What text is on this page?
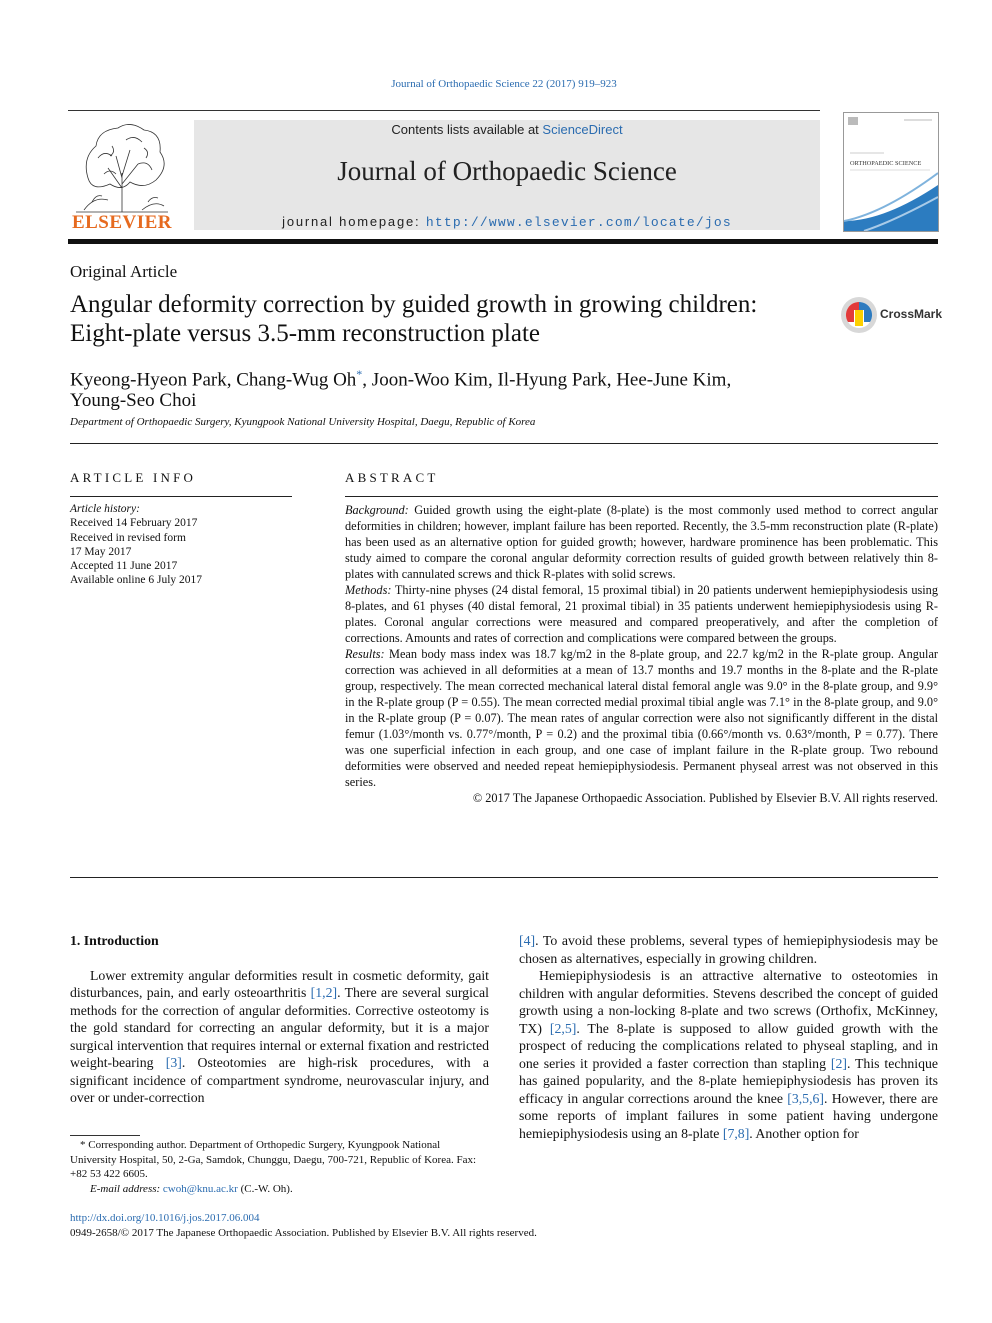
Journal of Orthopaedic Science 22 (2017) 919–923
ELSEVIER
Contents lists available at ScienceDirect
Journal of Orthopaedic Science
journal homepage: http://www.elsevier.com/locate/jos
ORTHOPAEDIC SCIENCE
Original Article
Angular deformity correction by guided growth in growing children:
Eight-plate versus 3.5-mm reconstruction plate
CrossMark
Kyeong-Hyeon Park, Chang-Wug Oh*, Joon-Woo Kim, Il-Hyung Park, Hee-June Kim,
Young-Seo Choi
Department of Orthopaedic Surgery, Kyungpook National University Hospital, Daegu, Republic of Korea
ARTICLE INFO
Article history:
Received 14 February 2017
Received in revised form
17 May 2017
Accepted 11 June 2017
Available online 6 July 2017
ABSTRACT

Background: Guided growth using the eight-plate (8-plate) is the most commonly used method to correct angular deformities in children; however, implant failure has been reported. Recently, the 3.5-mm reconstruction plate (R-plate) has been used as an alternative option for guided growth; however, hardware prominence has been problematic. This study aimed to compare the coronal angular deformity correction results of guided growth between relatively thin 8-plates with cannulated screws and thick R-plates with solid screws.

Methods: Thirty-nine physes (24 distal femoral, 15 proximal tibial) in 20 patients underwent hemiepiphysiodesis using 8-plates, and 61 physes (40 distal femoral, 21 proximal tibial) in 35 patients underwent hemiepiphysiodesis using R-plates. Coronal angular corrections were measured and compared preoperatively, and after the completion of corrections. Amounts and rates of correction and complications were compared between the groups.

Results: Mean body mass index was 18.7 kg/m2 in the 8-plate group, and 22.7 kg/m2 in the R-plate group. Angular correction was achieved in all deformities at a mean of 13.7 months and 19.7 months in the 8-plate and the R-plate group, respectively. The mean corrected mechanical lateral distal femoral angle was 9.0° in the 8-plate group, and 9.9° in the R-plate group (P = 0.55). The mean corrected medial proximal tibial angle was 7.1° in the 8-plate group, and 9.0° in the R-plate group (P = 0.07). The mean rates of angular correction were also not significantly different in the distal femur (1.03°/month vs. 0.77°/month, P = 0.2) and the proximal tibia (0.66°/month vs. 0.63°/month, P = 0.77). There was one superficial infection in each group, and one case of implant failure in the R-plate group. Two rebound deformities were observed and needed repeat hemiepiphysiodesis. Permanent physeal arrest was not observed in this series.

© 2017 The Japanese Orthopaedic Association. Published by Elsevier B.V. All rights reserved.

1. Introduction

Lower extremity angular deformities result in cosmetic deformity, gait disturbances, pain, and early osteoarthritis [1,2]. There are several surgical methods for the correction of angular deformities. Corrective osteotomy is the gold standard for correcting an angular deformity, but it is a major surgical intervention that requires internal or external fixation and restricted weight-bearing [3]. Osteotomies are high-risk procedures, with a significant incidence of compartment syndrome, neurovascular injury, and over or under-correction

[4]. To avoid these problems, several types of hemiepiphysiodesis may be chosen as alternatives, especially in growing children.

Hemiepiphysiodesis is an attractive alternative to osteotomies in children with angular deformities. Stevens described the concept of guided growth using a non-locking 8-plate and two screws (Orthofix, McKinney, TX) [2,5]. The 8-plate is supposed to allow guided growth with the prospect of reducing the complications related to physeal stapling, and in one series it provided a faster correction than stapling [2]. This technique has gained popularity, and the 8-plate hemiepiphysiodesis has proven its efficacy in angular corrections around the knee [3,5,6]. However, there are some reports of implant failures in some patient having undergone hemiepiphysiodesis using an 8-plate [7,8]. Another option for

* Corresponding author. Department of Orthopedic Surgery, Kyungpook National University Hospital, 50, 2-Ga, Samdok, Chunggu, Daegu, 700-721, Republic of Korea. Fax: +82 53 422 6605.
E-mail address: cwoh@knu.ac.kr (C.-W. Oh).
http://dx.doi.org/10.1016/j.jos.2017.06.004
0949-2658/© 2017 The Japanese Orthopaedic Association. Published by Elsevier B.V. All rights reserved.
